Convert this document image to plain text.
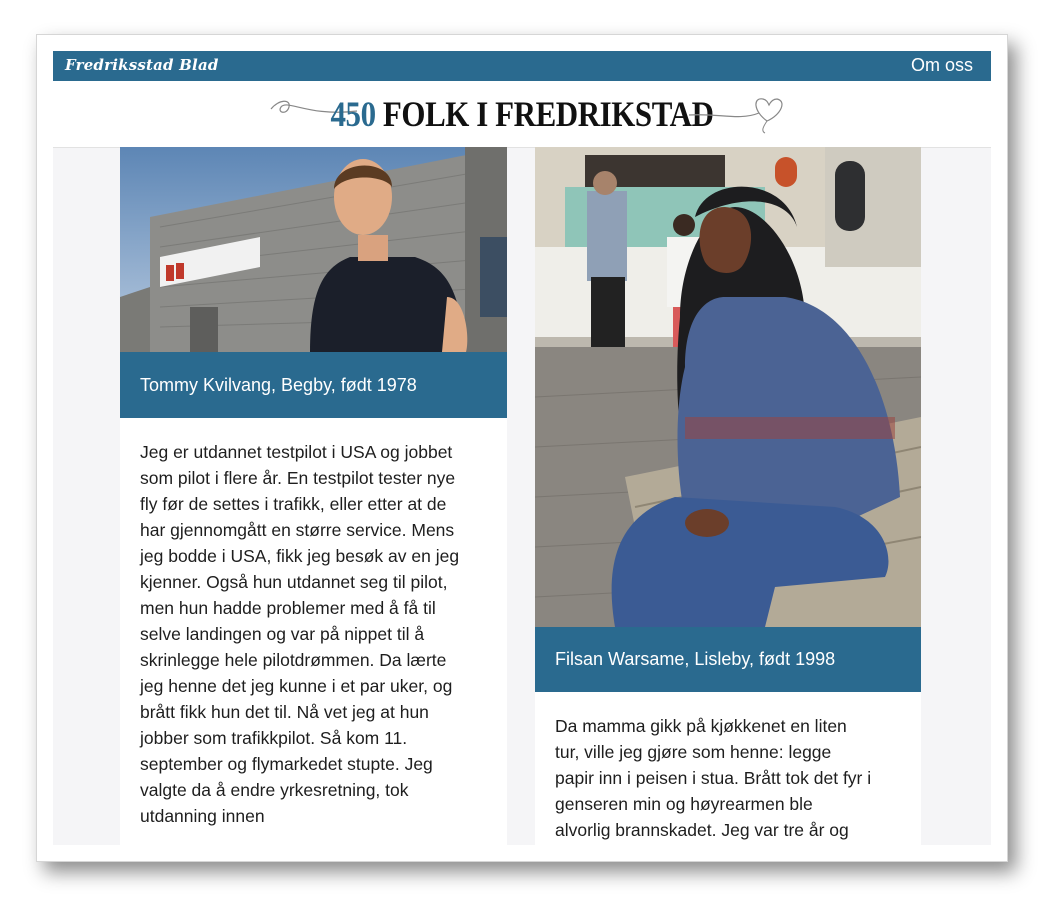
Fredriksstad Blad	Om oss
450 FOLK I FREDRIKSTAD
Tommy Kvilvang, Begby, født 1978
Jeg er utdannet testpilot i USA og jobbet
som pilot i flere år. En testpilot tester nye
fly før de settes i trafikk, eller etter at de
har gjennomgått en større service. Mens
jeg bodde i USA, fikk jeg besøk av en jeg
kjenner. Også hun utdannet seg til pilot,
men hun hadde problemer med å få til
selve landingen og var på nippet til å
skrinlegge hele pilotdrømmen. Da lærte
jeg henne det jeg kunne i et par uker, og
brått fikk hun det til. Nå vet jeg at hun
jobber som trafikkpilot. Så kom 11.
september og flymarkedet stupte. Jeg
valgte da å endre yrkesretning, tok
utdanning innen
Filsan Warsame, Lisleby, født 1998
Da mamma gikk på kjøkkenet en liten
tur, ville jeg gjøre som henne: legge
papir inn i peisen i stua. Brått tok det fyr i
genseren min og høyrearmen ble
alvorlig brannskadet. Jeg var tre år og
